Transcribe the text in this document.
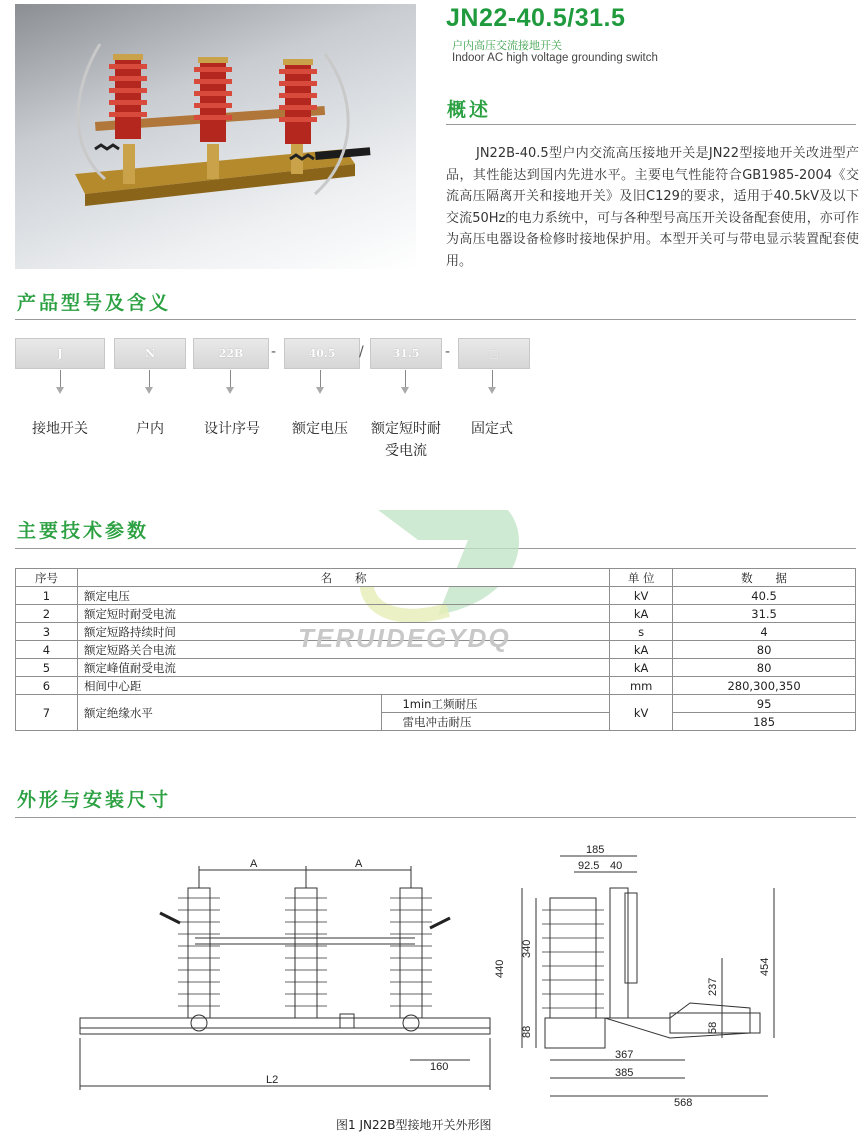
JN22-40.5/31.5
户内高压交流接地开关
Indoor AC high voltage grounding switch
概述
JN22B-40.5型户内交流高压接地开关是JN22型接地开关改进型产品，其性能达到国内先进水平。主要电气性能符合GB1985-2004《交流高压隔离开关和接地开关》及旧C129的要求，适用于40.5kV及以下交流50Hz的电力系统中，可与各种型号高压开关设备配套使用，亦可作为高压电器设备检修时接地保护用。本型开关可与带电显示装置配套使用。
产品型号及含义
J	N	22B	-	40.5	/	31.5	-	□
接地开关	户内	设计序号	额定电压	额定短时耐受电流
固定式
主要技术参数
序号	名　　称		单 位	数　　据
1	额定电压		kV	40.5
2	额定短时耐受电流		kA	31.5
3	额定短路持续时间		s	4
4	额定短路关合电流		kA	80
5	额定峰值耐受电流		kA	80
6	相间中心距		mm	280,300,350
7	额定绝缘水平	1min工频耐压	kV	95
		雷电冲击耐压		185
TERUIDEGYDQ
外形与安装尺寸
A	A
160
L2
185
92.5 40
440
340
88
454
237
58
367
385
568
图1 JN22B型接地开关外形图
